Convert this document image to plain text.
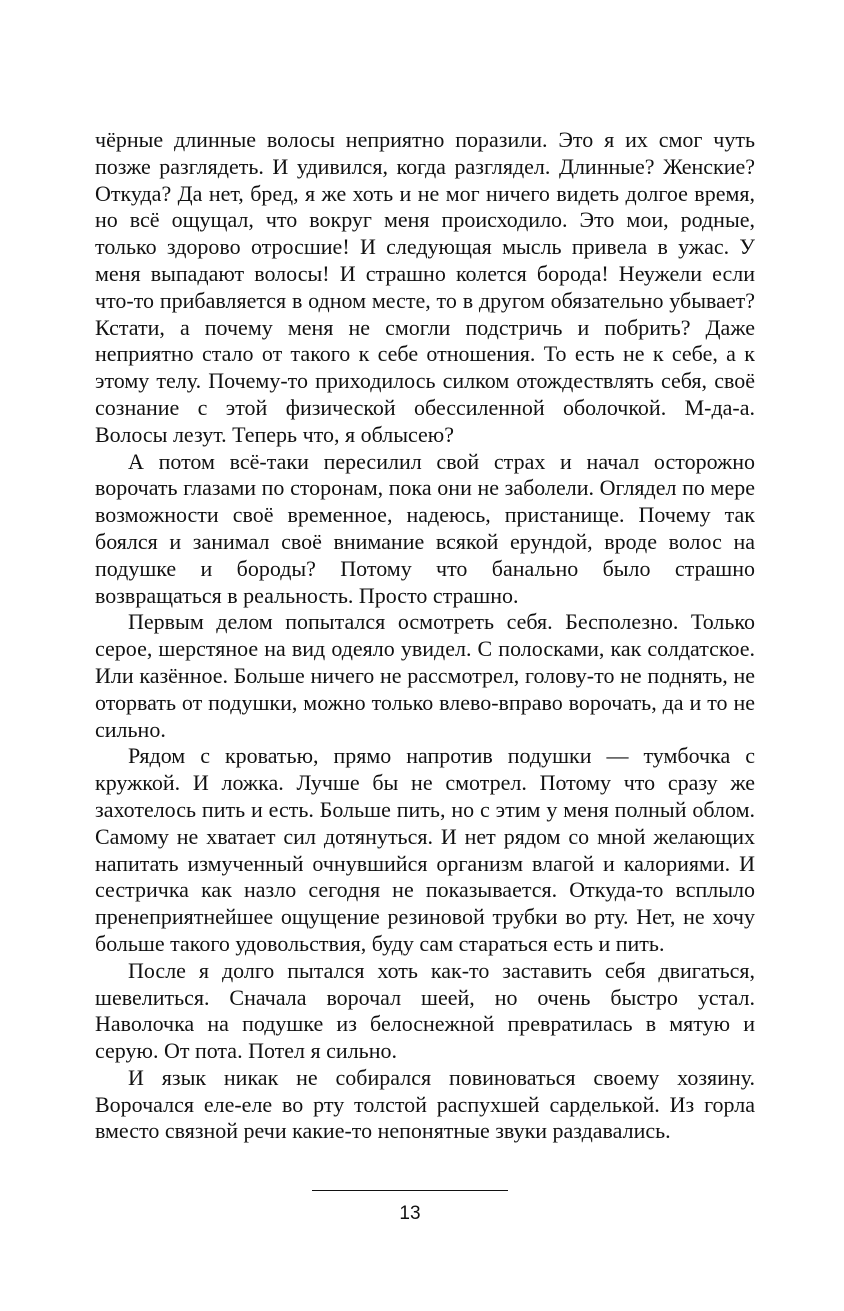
чёрные длинные волосы неприятно поразили. Это я их смог чуть позже разглядеть. И удивился, когда разглядел. Длинные? Женские? Откуда? Да нет, бред, я же хоть и не мог ничего видеть долгое время, но всё ощущал, что вокруг меня происходило. Это мои, родные, только здорово отросшие! И следующая мысль привела в ужас. У меня выпадают волосы! И страшно колется борода! Неужели если что-то прибавляется в одном месте, то в другом обязательно убывает? Кстати, а почему меня не смогли подстричь и побрить? Даже неприятно стало от такого к себе отношения. То есть не к себе, а к этому телу. Почему-то приходилось силком отождествлять себя, своё сознание с этой физической обессиленной оболочкой. М-да-а. Волосы лезут. Теперь что, я облысею?

А потом всё-таки пересилил свой страх и начал осторожно ворочать глазами по сторонам, пока они не заболели. Оглядел по мере возможности своё временное, надеюсь, пристанище. Почему так боялся и занимал своё внимание всякой ерундой, вроде волос на подушке и бороды? Потому что банально было страшно возвращаться в реальность. Просто страшно.

Первым делом попытался осмотреть себя. Бесполезно. Только серое, шерстяное на вид одеяло увидел. С полосками, как солдатское. Или казённое. Больше ничего не рассмотрел, голову-то не поднять, не оторвать от подушки, можно только влево-вправо ворочать, да и то не сильно.

Рядом с кроватью, прямо напротив подушки — тумбочка с кружкой. И ложка. Лучше бы не смотрел. Потому что сразу же захотелось пить и есть. Больше пить, но с этим у меня полный облом. Самому не хватает сил дотянуться. И нет рядом со мной желающих напитать измученный очнувшийся организм влагой и калориями. И сестричка как назло сегодня не показывается. Откуда-то всплыло пренеприятнейшее ощущение резиновой трубки во рту. Нет, не хочу больше такого удовольствия, буду сам стараться есть и пить.

После я долго пытался хоть как-то заставить себя двигаться, шевелиться. Сначала ворочал шеей, но очень быстро устал. Наволочка на подушке из белоснежной превратилась в мятую и серую. От пота. Потел я сильно.

И язык никак не собирался повиноваться своему хозяину. Ворочался еле-еле во рту толстой распухшей сарделькой. Из горла вместо связной речи какие-то непонятные звуки раздавались.

13
